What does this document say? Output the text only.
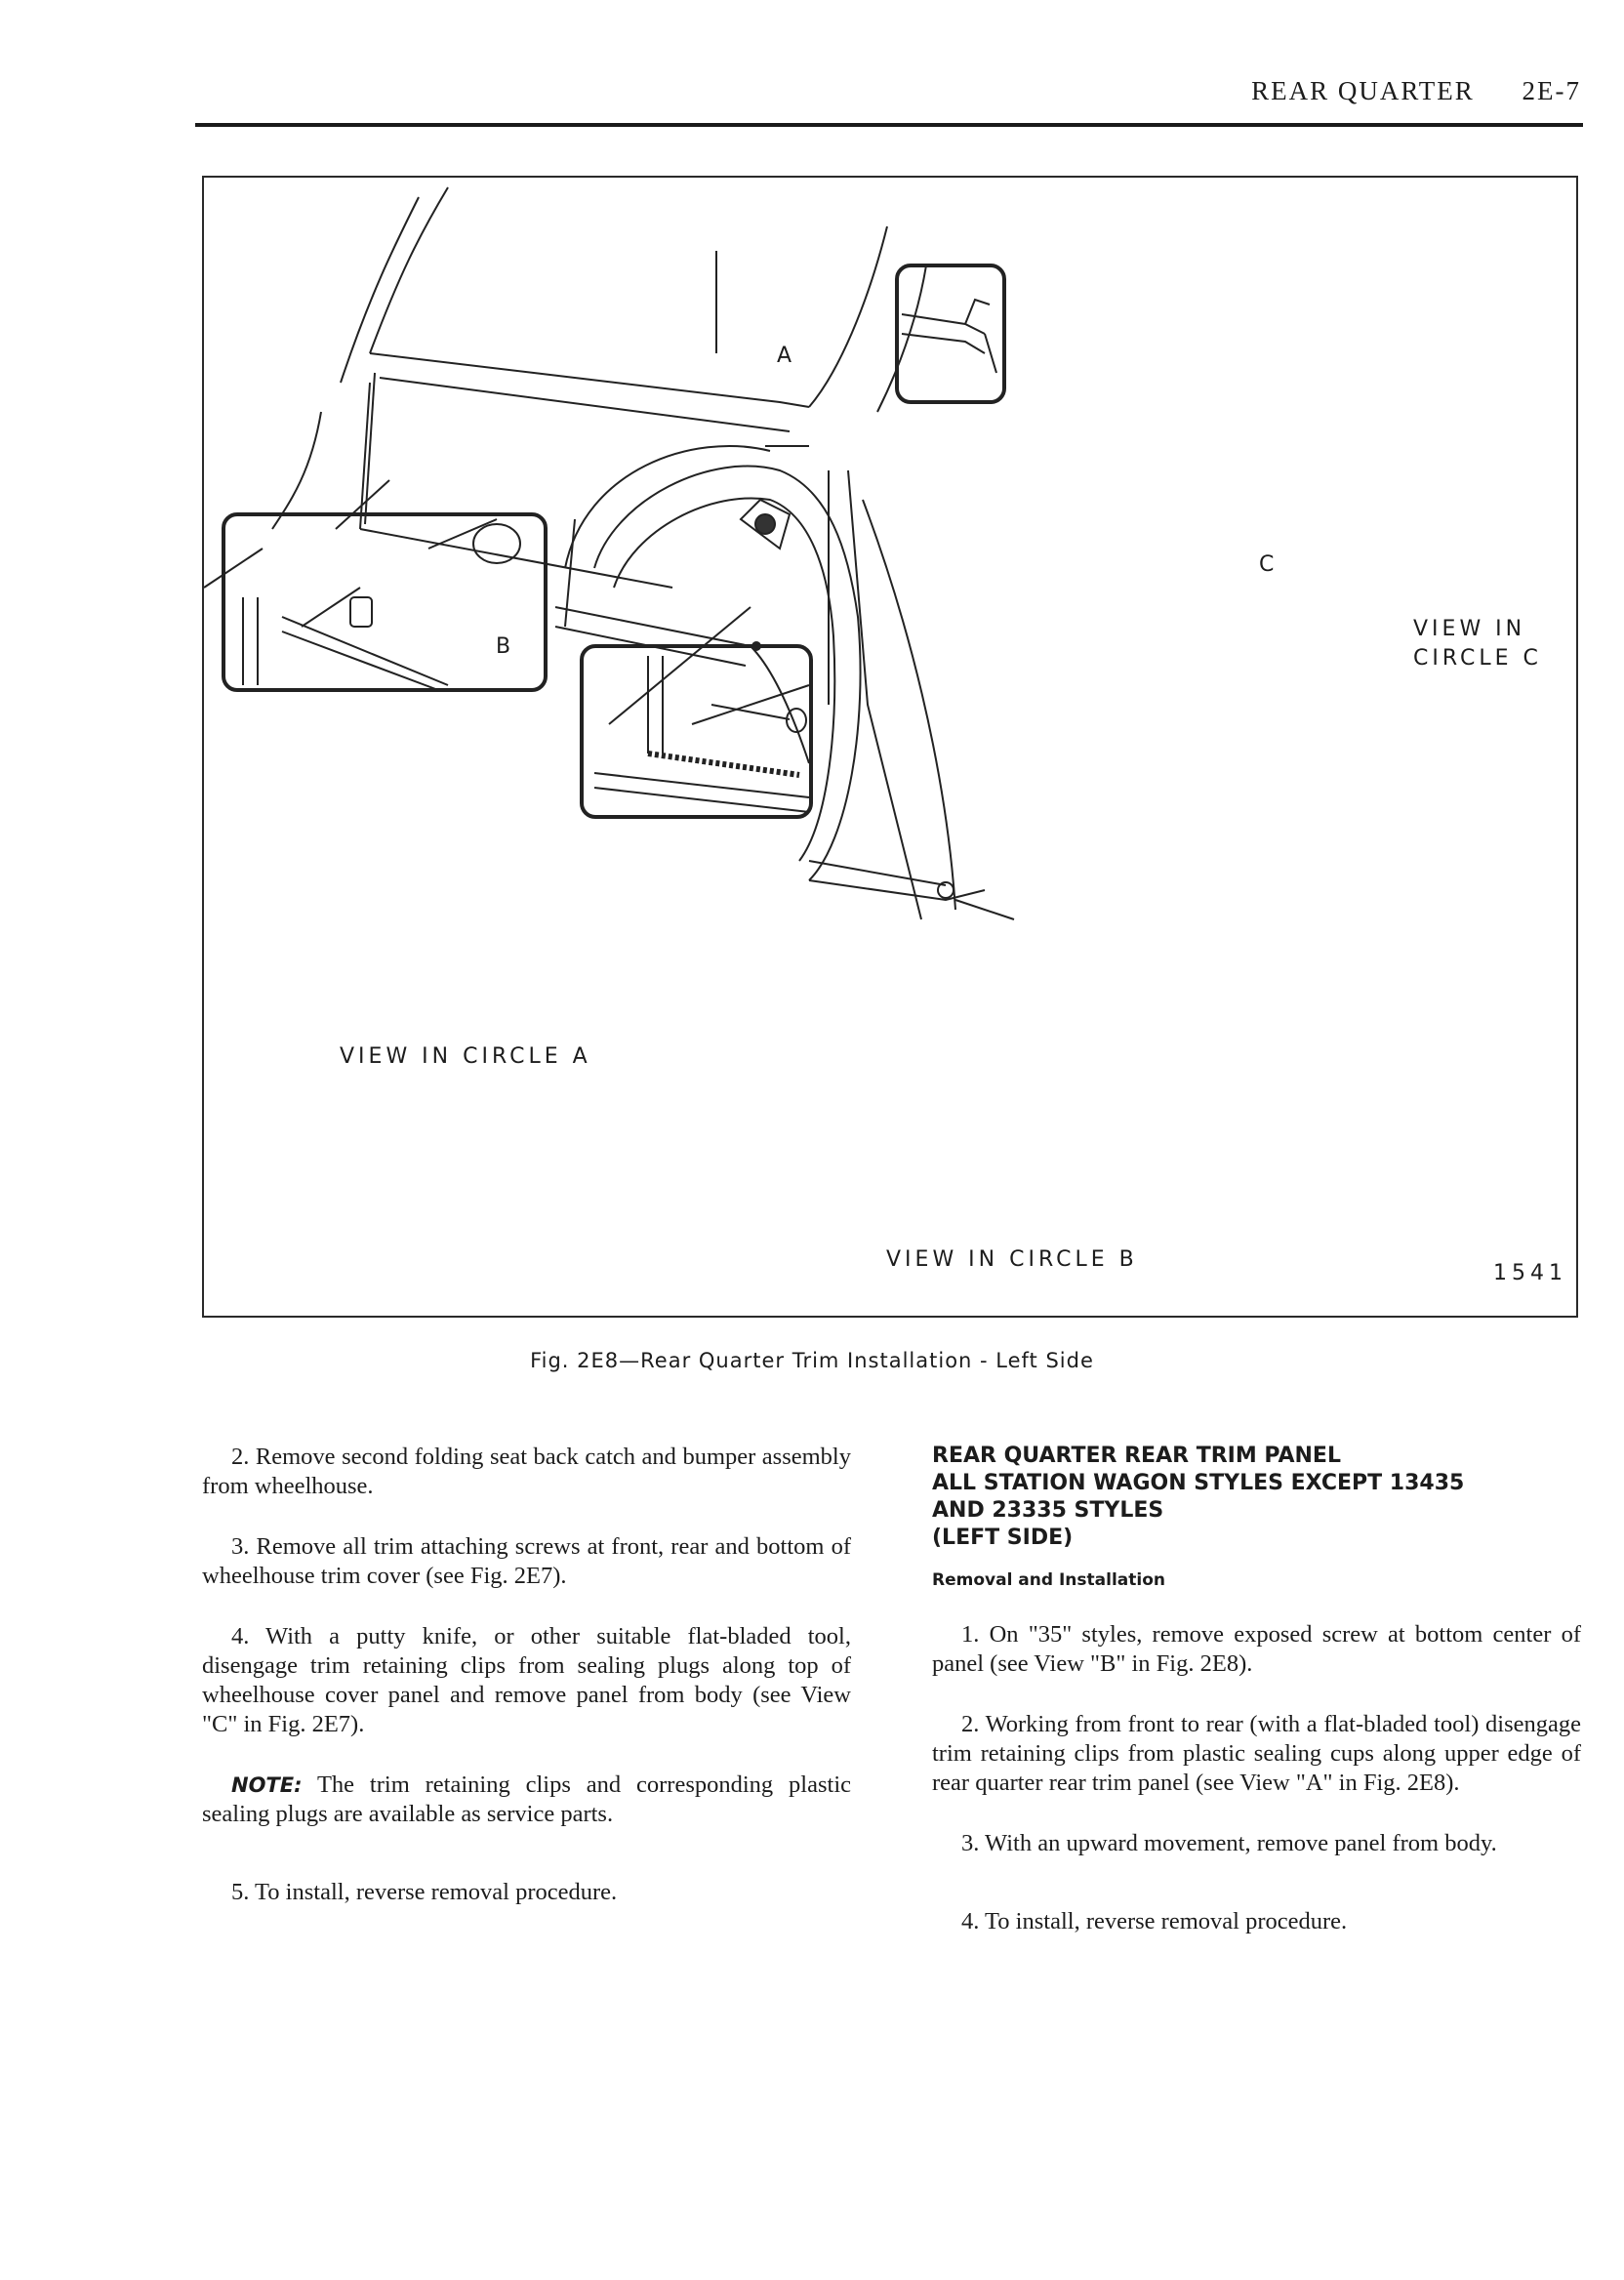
REAR QUARTER 2E-7
A
B
C
VIEW IN CIRCLE A
VIEW IN CIRCLE B
VIEW IN
CIRCLE C
1541
Fig. 2E8—Rear Quarter Trim Installation - Left Side

2. Remove second folding seat back catch and bumper assembly from wheelhouse.

3. Remove all trim attaching screws at front, rear and bottom of wheelhouse trim cover (see Fig. 2E7).

4. With a putty knife, or other suitable flat-bladed tool, disengage trim retaining clips from sealing plugs along top of wheelhouse cover panel and remove panel from body (see View "C" in Fig. 2E7).

NOTE: The trim retaining clips and corresponding plastic sealing plugs are available as service parts.

5. To install, reverse removal procedure.

REAR QUARTER REAR TRIM PANEL
ALL STATION WAGON STYLES EXCEPT 13435
AND 23335 STYLES
(LEFT SIDE)
Removal and Installation

1. On "35" styles, remove exposed screw at bottom center of panel (see View "B" in Fig. 2E8).

2. Working from front to rear (with a flat-bladed tool) disengage trim retaining clips from plastic sealing cups along upper edge of rear quarter rear trim panel (see View "A" in Fig. 2E8).

3. With an upward movement, remove panel from body.

4. To install, reverse removal procedure.
